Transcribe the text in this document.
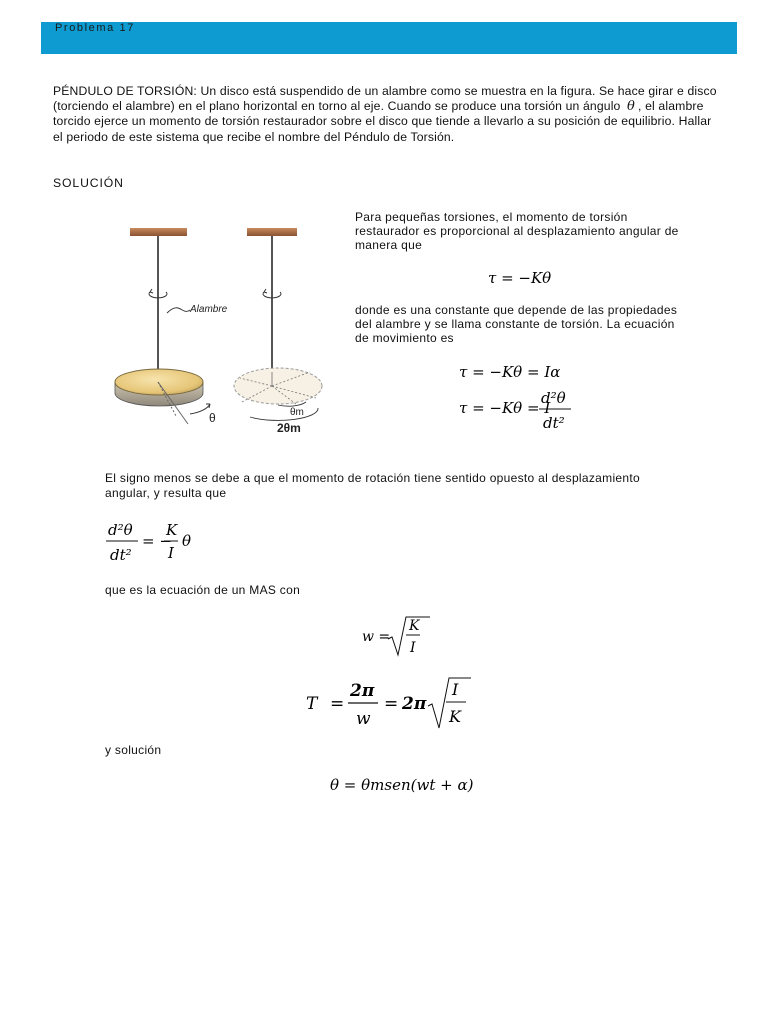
Problema 17
PÉNDULO DE TORSIÓN: Un disco está suspendido de un alambre como se muestra en la figura. Se hace girar e disco (torciendo el alambre) en el plano horizontal en torno al eje. Cuando se produce una torsión un ángulo θ , el alambre torcido ejerce un momento de torsión restaurador sobre el disco que tiende a llevarlo a su posición de equilibrio. Hallar el periodo de este sistema que recibe el nombre del Péndulo de Torsión.
SOLUCIÓN
Alambre
θ	θm
2θm
Para pequeñas torsiones, el momento de torsión restaurador es proporcional al desplazamiento angular de manera que
τ = −Kθ
donde es una constante que depende de las propiedades del alambre y se llama constante de torsión. La ecuación de movimiento es
τ = −Kθ = Iα
τ = −Kθ = I
d²θ
dt²
El signo menos se debe a que el momento de rotación tiene sentido opuesto al desplazamiento angular, y resulta que
d²θ
dt²
= −
K
I
θ
que es la ecuación de un MAS con
w =
K
I
T =
2π
w
= 2π
I
K
y solución
θ = θmsen(wt + α)
